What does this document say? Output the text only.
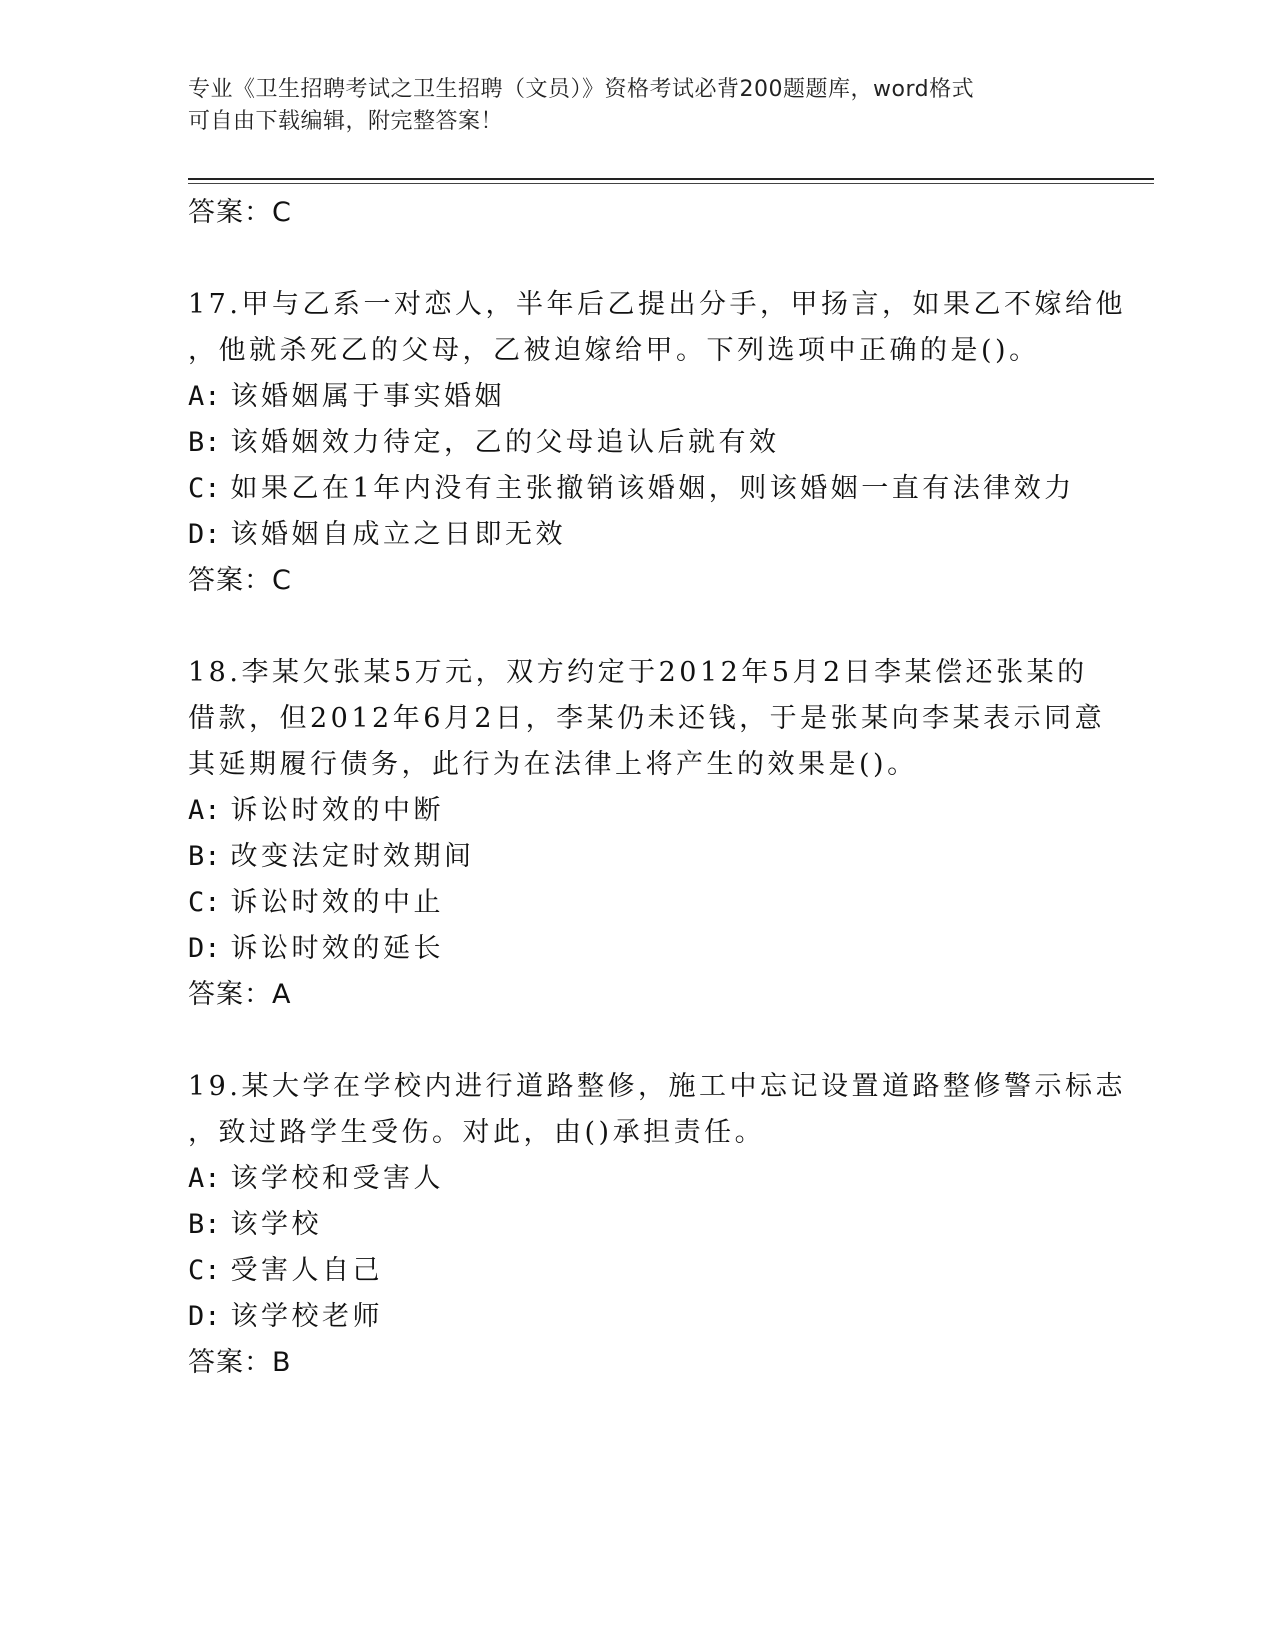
专业《卫生招聘考试之卫生招聘（文员）》资格考试必背200题题库，word格式
可自由下载编辑，附完整答案！
答案：C
17.甲与乙系一对恋人，半年后乙提出分手，甲扬言，如果乙不嫁给他
，他就杀死乙的父母，乙被迫嫁给甲。下列选项中正确的是()。
A: 该婚姻属于事实婚姻
B: 该婚姻效力待定，乙的父母追认后就有效
C: 如果乙在1年内没有主张撤销该婚姻，则该婚姻一直有法律效力
D: 该婚姻自成立之日即无效
答案：C
18.李某欠张某5万元，双方约定于2012年5月2日李某偿还张某的
借款，但2012年6月2日，李某仍未还钱，于是张某向李某表示同意
其延期履行债务，此行为在法律上将产生的效果是()。
A: 诉讼时效的中断
B: 改变法定时效期间
C: 诉讼时效的中止
D: 诉讼时效的延长
答案：A
19.某大学在学校内进行道路整修，施工中忘记设置道路整修警示标志
，致过路学生受伤。对此，由()承担责任。
A: 该学校和受害人
B: 该学校
C: 受害人自己
D: 该学校老师
答案：B
